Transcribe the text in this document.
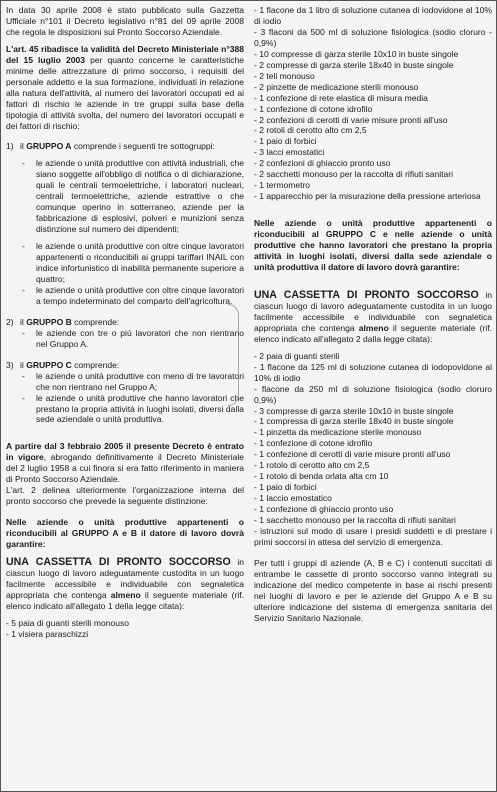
In data 30 aprile 2008 è stato pubblicato sulla Gazzetta Ufficiale n°101 il Decreto legislativo n°81 del 09 aprile 2008 che regola le disposizioni sul Pronto Soccorso Aziendale.

L'art. 45 ribadisce la validità del Decreto Ministeriale n°388 del 15 luglio 2003 per quanto concerne le caratteristiche minime delle attrezzature di primo soccorso, i requisiti del personale addetto e la sua formazione, individuati in relazione alla natura dell'attività, al numero dei lavoratori occupati ed ai fattori di rischio le aziende in tre gruppi sulla base della tipologia di attività svolta, del numero dei lavoratori occupati e dei fattori di rischio:

1) il GRUPPO A comprende i seguenti tre sottogruppi:

- le aziende o unità produttive con attività industriali, che siano soggette all'obbligo di notifica o di dichiarazione, quali le centrali termoelettriche, i laboratori nucleari, centrali termoelettriche, aziende estrattive o che comunque operino in sotterraneo, aziende per la fabbricazione di esplosivi, polveri e munizioni senza distinzione sul numero dei dipendenti;

- le aziende o unità produttive con oltre cinque lavoratori appartenenti o riconducibili ai gruppi tariffari INAIL con indice infortunistico di inabilità permanente superiore a quattro;

- le aziende o unità produttive con oltre cinque lavoratori a tempo indeterminato del comparto dell'agricoltura.

2) il GRUPPO B comprende:

- le aziende con tre o più lavoratori che non rientrano nel Gruppo A.

3) il GRUPPO C comprende:

- le aziende o unità produttive con meno di tre lavoratori che non rientrano nel Gruppo A;

- le aziende o unità produttive che hanno lavoratori che prestano la propria attività in luoghi isolati, diversi dalla sede aziendale o unità produttiva.

A partire dal 3 febbraio 2005 il presente Decreto è entrato in vigore, abrogando definitivamente il Decreto Ministeriale del 2 luglio 1958 a cui finora si era fatto riferimento in maniera di Pronto Soccorso Aziendale.

L'art. 2 delinea ulteriormente l'organizzazione interna del pronto soccorso che prevede la seguente distinzione:

Nelle aziende o unità produttive appartenenti o riconducibili al GRUPPO A e B il datore di lavoro dovrà garantire:

UNA CASSETTA DI PRONTO SOCCORSO in ciascun luogo di lavoro adeguatamente custodita in un luogo facilmente accessibile e individuabile con segnaletica appropriata che contenga almeno il seguente materiale (rif. elenco indicato all'allegato 1 della legge citata):

- 5 paia di guanti sterili monouso

- 1 visiera paraschizzi

- 1 flacone da 1 litro di soluzione cutanea di iodovidone al 10% di iodio

- 3 flaconi da 500 ml di soluzione fisiologica (sodio cloruro - 0,9%)

- 10 compresse di garza sterile 10x10 in buste singole

- 2 compresse di garza sterile 18x40 in buste singole

- 2 teli monouso

- 2 pinzette de medicazione sterili monouso

- 1 confezione di rete elastica di misura media

- 1 confezione di cotone idrofilo

- 2 confezioni di cerotti di varie misure pronti all'uso

- 2 rotoli di cerotto alto cm 2,5

- 1 paio di forbici

- 3 lacci emostatici

- 2 confezioni di ghiaccio pronto uso

- 2 sacchetti monouso per la raccolta di rifiuti sanitari

- 1 termometro

- 1 apparecchio per la misurazione della pressione arteriosa

Nelle aziende o unità produttive appartenenti o riconducibili al GRUPPO C e nelle aziende o unità produttive che hanno lavoratori che prestano la propria attività in luoghi isolati, diversi dalla sede aziendale o unità produttiva il datore di lavoro dovrà garantire:

UNA CASSETTA DI PRONTO SOCCORSO in ciascun luogo di lavoro adeguatamente custodita in un luogo facilmente accessibile e individuabile con segnaletica appropriata che contenga almeno il seguente materiale (rif. elenco indicato all'allegato 2 dalla legge citata):

- 2 paia di guanti sterili

- 1 flacone da 125 ml di soluzione cutanea di iodopovidone al 10% di iodio

- flacone da 250 ml di soluzione fisiologica (sodio cloruro 0,9%)

- 3 compresse di garza sterile 10x10 in buste singole

- 1 compressa di garza sterile 18x40 in buste singole

- 1 pinzetta da medicazione sterile monouso

- 1 confezione di cotone idrofilo

- 1 confezione di cerotti di varie misure pronti all'uso

- 1 rotolo di cerotto alto cm 2,5

- 1 rotolo di benda orlata alta cm 10

- 1 paio di forbici

- 1 laccio emostatico

- 1 confezione di ghiaccio pronto uso

- 1 sacchetto monouso per la raccolta di rifiuti sanitari

- istruzioni sul modo di usare i presidi suddetti e di prestare i primi soccorsi in attesa del servizio di emergenza.

Per tutti i gruppi di aziende (A, B e C) i contenuti succitati di entrambe le cassette di pronto soccorso vanno integrati su indicazione del medico competente in base ai rischi presenti nei luoghi di lavoro e per le aziende del Gruppo A e B su ulteriore indicazione del sistema di emergenza sanitaria del Servizio Sanitario Nazionale.
